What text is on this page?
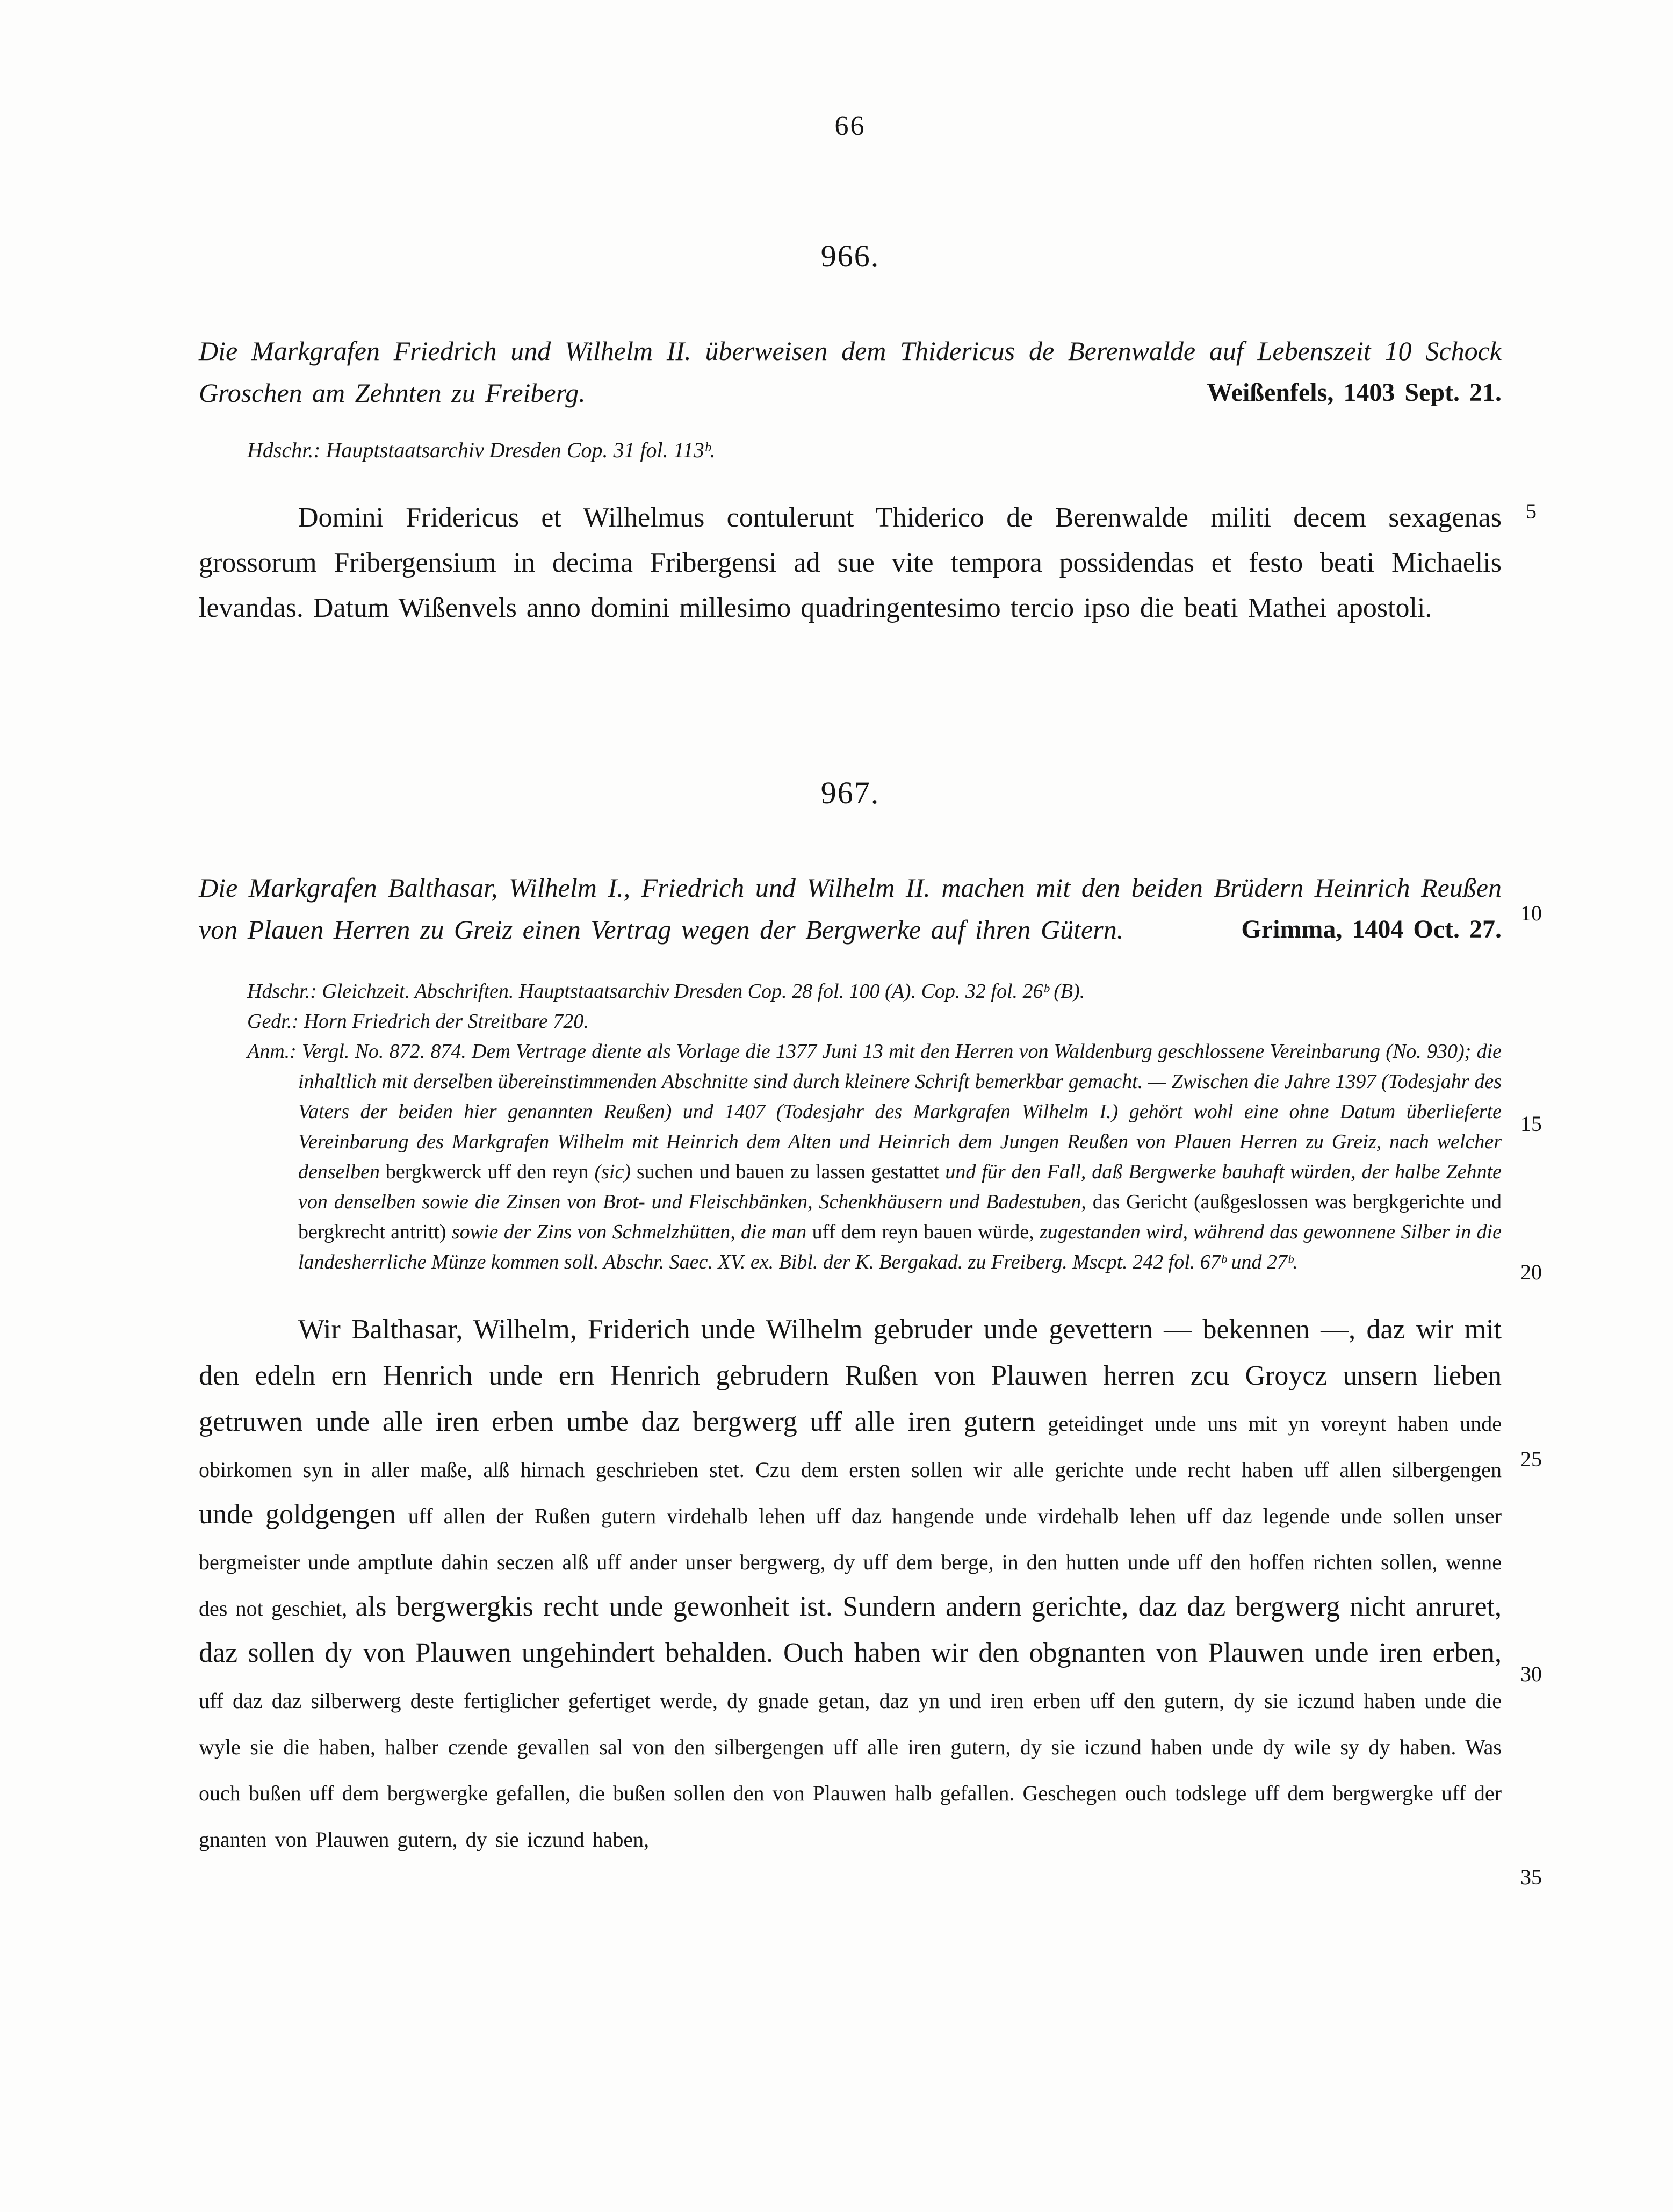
66
966.
Die Markgrafen Friedrich und Wilhelm II. überweisen dem Thidericus de Berenwalde auf Lebenszeit 10 Schock Groschen am Zehnten zu Freiberg.	Weißenfels, 1403 Sept. 21.
Hdschr.: Hauptstaatsarchiv Dresden Cop. 31 fol. 113ᵇ.

Domini Fridericus et Wilhelmus contulerunt Thiderico de Berenwalde militi decem sexagenas grossorum Fribergensium in decima Fribergensi ad sue vite tempora possidendas et festo beati Michaelis levandas. Datum Wißenvels anno domini millesimo quadringentesimo tercio ipso die beati Mathei apostoli.

967.
Die Markgrafen Balthasar, Wilhelm I., Friedrich und Wilhelm II. machen mit den beiden Brüdern Heinrich Reußen von Plauen Herren zu Greiz einen Vertrag wegen der Bergwerke auf ihren Gütern.	Grimma, 1404 Oct. 27.
Hdschr.: Gleichzeit. Abschriften. Hauptstaatsarchiv Dresden Cop. 28 fol. 100 (A). Cop. 32 fol. 26ᵇ (B).
Gedr.: Horn Friedrich der Streitbare 720.
Anm.: Vergl. No. 872. 874. Dem Vertrage diente als Vorlage die 1377 Juni 13 mit den Herren von Waldenburg geschlossene Vereinbarung (No. 930); die inhaltlich mit derselben übereinstimmenden Abschnitte sind durch kleinere Schrift bemerkbar gemacht. — Zwischen die Jahre 1397 (Todesjahr des Vaters der beiden hier genannten Reußen) und 1407 (Todesjahr des Markgrafen Wilhelm I.) gehört wohl eine ohne Datum überlieferte Vereinbarung des Markgrafen Wilhelm mit Heinrich dem Alten und Heinrich dem Jungen Reußen von Plauen Herren zu Greiz, nach welcher denselben bergkwerck uff den reyn (sic) suchen und bauen zu lassen gestattet und für den Fall, daß Bergwerke bauhaft würden, der halbe Zehnte von denselben sowie die Zinsen von Brot- und Fleischbänken, Schenkhäusern und Badestuben, das Gericht (außgeslossen was bergkgerichte und bergkrecht antritt) sowie der Zins von Schmelzhütten, die man uff dem reyn bauen würde, zugestanden wird, während das gewonnene Silber in die landesherrliche Münze kommen soll. Abschr. Saec. XV. ex. Bibl. der K. Bergakad. zu Freiberg. Mscpt. 242 fol. 67ᵇ und 27ᵇ.

Wir Balthasar, Wilhelm, Friderich unde Wilhelm gebruder unde gevettern — bekennen —, daz wir mit den edeln ern Henrich unde ern Henrich gebrudern Rußen von Plauwen herren zcu Groycz unsern lieben getruwen unde alle iren erben umbe daz bergwerg uff alle iren gutern geteidinget unde uns mit yn voreynt haben unde obirkomen syn in aller maße, alß hirnach geschrieben stet. Czu dem ersten sollen wir alle gerichte unde recht haben uff allen silbergengen unde goldgengen uff allen der Rußen gutern virdehalb lehen uff daz hangende unde virdehalb lehen uff daz legende unde sollen unser bergmeister unde amptlute dahin seczen alß uff ander unser bergwerg, dy uff dem berge, in den hutten unde uff den hoffen richten sollen, wenne des not geschiet, als bergwergkis recht unde gewonheit ist. Sundern andern gerichte, daz daz bergwerg nicht anruret, daz sollen dy von Plauwen ungehindert behalden. Ouch haben wir den obgnanten von Plauwen unde iren erben, uff daz daz silberwerg deste fertiglicher gefertiget werde, dy gnade getan, daz yn und iren erben uff den gutern, dy sie iczund haben unde die wyle sie die haben, halber czende gevallen sal von den silbergengen uff alle iren gutern, dy sie iczund haben unde dy wile sy dy haben. Was ouch bußen uff dem bergwergke gefallen, die bußen sollen den von Plauwen halb gefallen. Geschegen ouch todslege uff dem bergwergke uff der gnanten von Plauwen gutern, dy sie iczund haben,

5
10
15
20
25
30
35
